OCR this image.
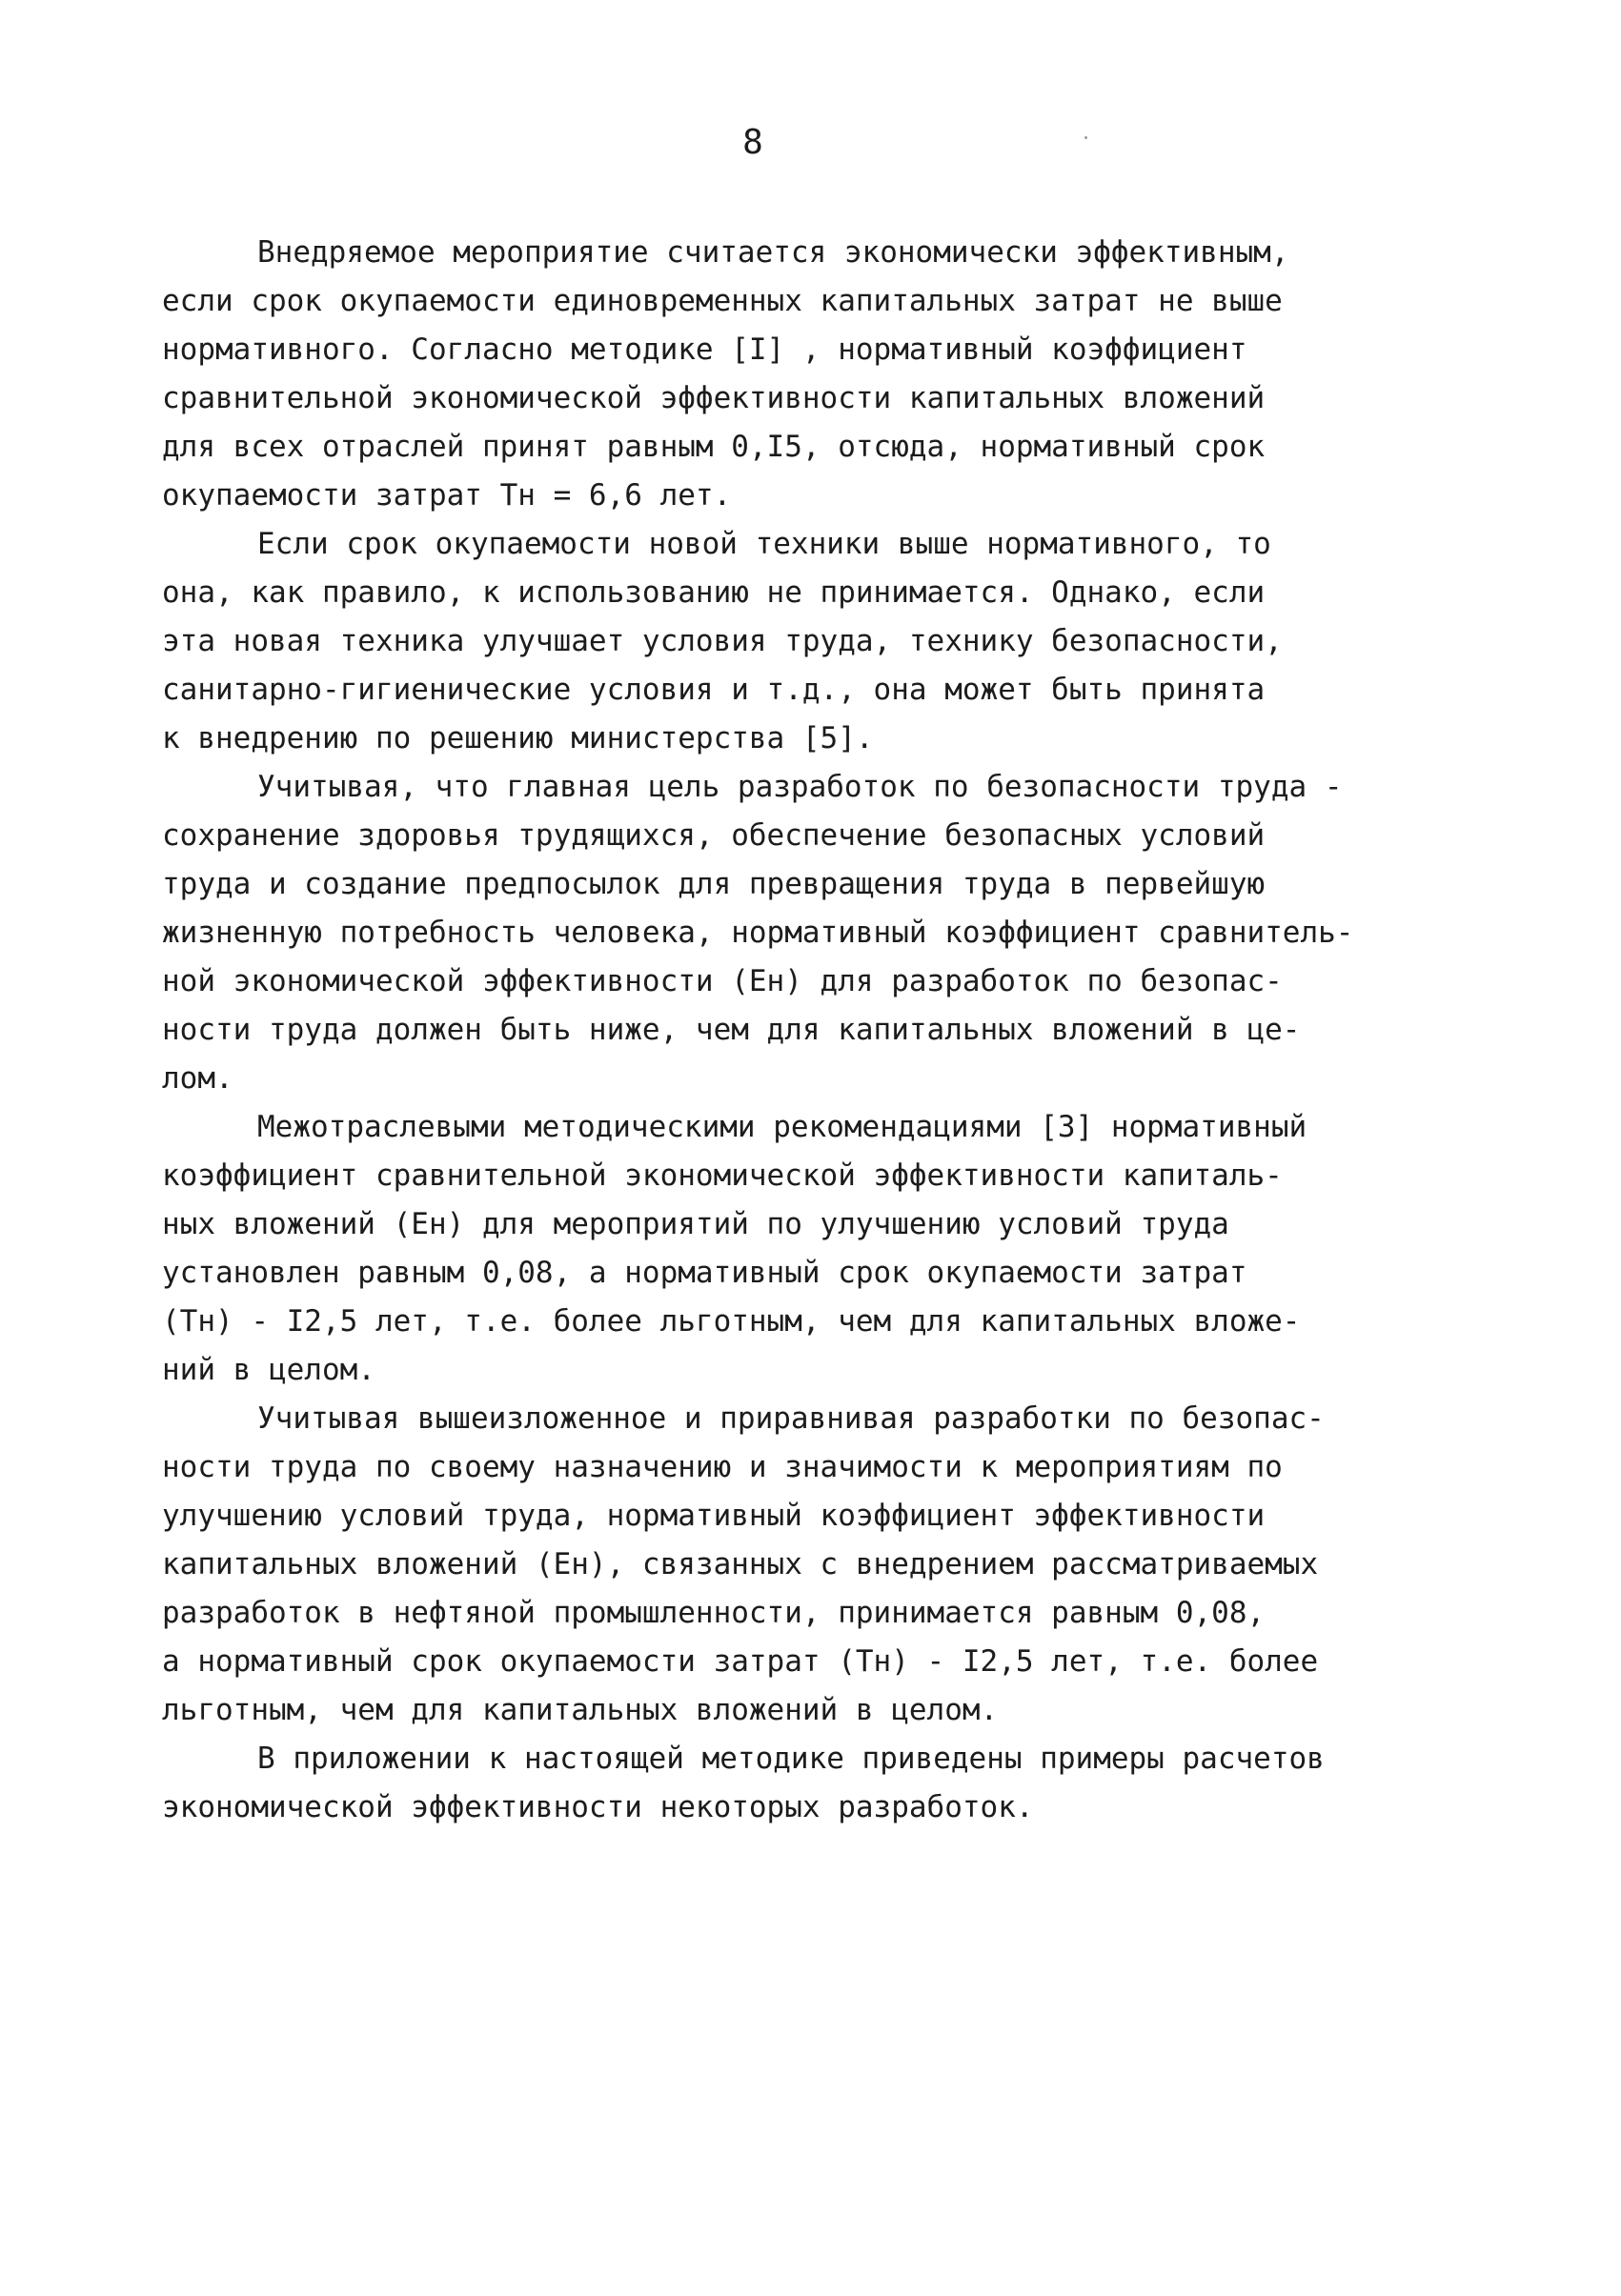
8

Внедряемое мероприятие считается экономически эффективным,
если срок окупаемости единовременных капитальных затрат не выше
нормативного. Согласно методике [I] , нормативный коэффициент
сравнительной экономической эффективности капитальных вложений
для всех отраслей принят равным 0,I5, отсюда, нормативный срок
окупаемости затрат Tн = 6,6 лет.

Если срок окупаемости новой техники выше нормативного, то
она, как правило, к использованию не принимается. Однако, если
эта новая техника улучшает условия труда, технику безопасности,
санитарно-гигиенические условия и т.д., она может быть принята
к внедрению по решению министерства [5].

Учитывая, что главная цель разработок по безопасности труда -
сохранение здоровья трудящихся, обеспечение безопасных условий
труда и создание предпосылок для превращения труда в первейшую
жизненную потребность человека, нормативный коэффициент сравнитель-
ной экономической эффективности (Eн) для разработок по безопас-
ности труда должен быть ниже, чем для капитальных вложений в це-
лом.

Межотраслевыми методическими рекомендациями [3] нормативный
коэффициент сравнительной экономической эффективности капиталь-
ных вложений (Eн) для мероприятий по улучшению условий труда
установлен равным 0,08, а нормативный срок окупаемости затрат
(Tн) - I2,5 лет, т.е. более льготным, чем для капитальных вложе-
ний в целом.

Учитывая вышеизложенное и приравнивая разработки по безопас-
ности труда по своему назначению и значимости к мероприятиям по
улучшению условий труда, нормативный коэффициент эффективности
капитальных вложений (Eн), связанных с внедрением рассматриваемых
разработок в нефтяной промышленности, принимается равным 0,08,
а нормативный срок окупаемости затрат (Tн) - I2,5 лет, т.е. более
льготным, чем для капитальных вложений в целом.

В приложении к настоящей методике приведены примеры расчетов
экономической эффективности некоторых разработок.
